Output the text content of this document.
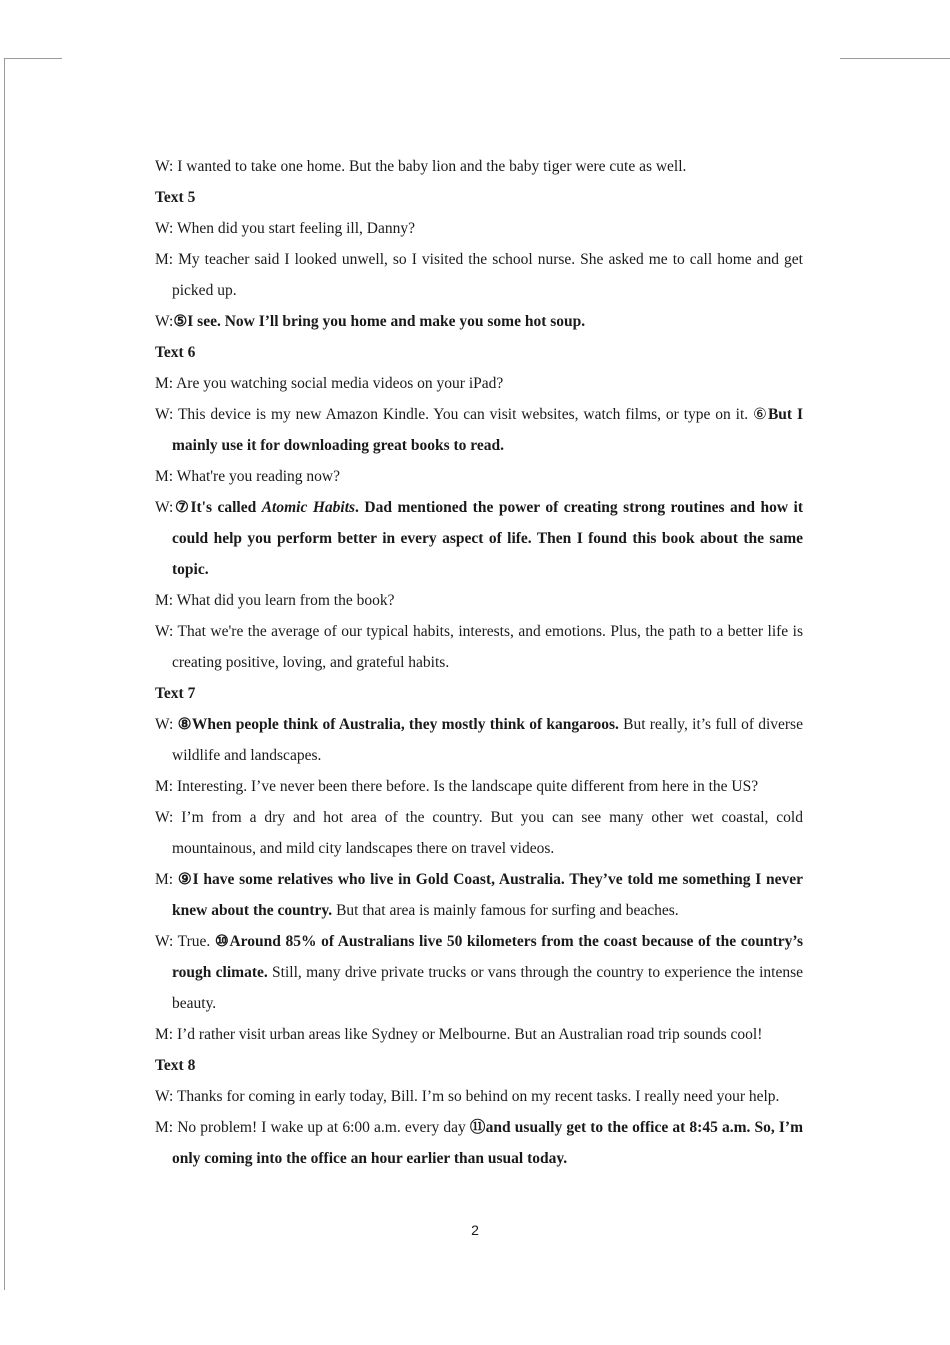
W: I wanted to take one home. But the baby lion and the baby tiger were cute as well.

Text 5

W: When did you start feeling ill, Danny?

M: My teacher said I looked unwell, so I visited the school nurse. She asked me to call home and get picked up.

W:⑤I see. Now I’ll bring you home and make you some hot soup.

Text 6

M: Are you watching social media videos on your iPad?

W: This device is my new Amazon Kindle. You can visit websites, watch films, or type on it. ⑥But I mainly use it for downloading great books to read.

M: What're you reading now?

W:⑦It's called Atomic Habits. Dad mentioned the power of creating strong routines and how it could help you perform better in every aspect of life. Then I found this book about the same topic.

M: What did you learn from the book?

W: That we're the average of our typical habits, interests, and emotions. Plus, the path to a better life is creating positive, loving, and grateful habits.

Text 7

W: ⑧When people think of Australia, they mostly think of kangaroos. But really, it’s full of diverse wildlife and landscapes.

M: Interesting. I’ve never been there before. Is the landscape quite different from here in the US?

W: I’m from a dry and hot area of the country. But you can see many other wet coastal, cold mountainous, and mild city landscapes there on travel videos.

M: ⑨I have some relatives who live in Gold Coast, Australia. They’ve told me something I never knew about the country. But that area is mainly famous for surfing and beaches.

W: True. ⑩Around 85% of Australians live 50 kilometers from the coast because of the country’s rough climate. Still, many drive private trucks or vans through the country to experience the intense beauty.

M: I’d rather visit urban areas like Sydney or Melbourne. But an Australian road trip sounds cool!

Text 8

W: Thanks for coming in early today, Bill. I’m so behind on my recent tasks. I really need your help.

M: No problem! I wake up at 6:00 a.m. every day ⑪and usually get to the office at 8:45 a.m. So, I’m only coming into the office an hour earlier than usual today.

2
